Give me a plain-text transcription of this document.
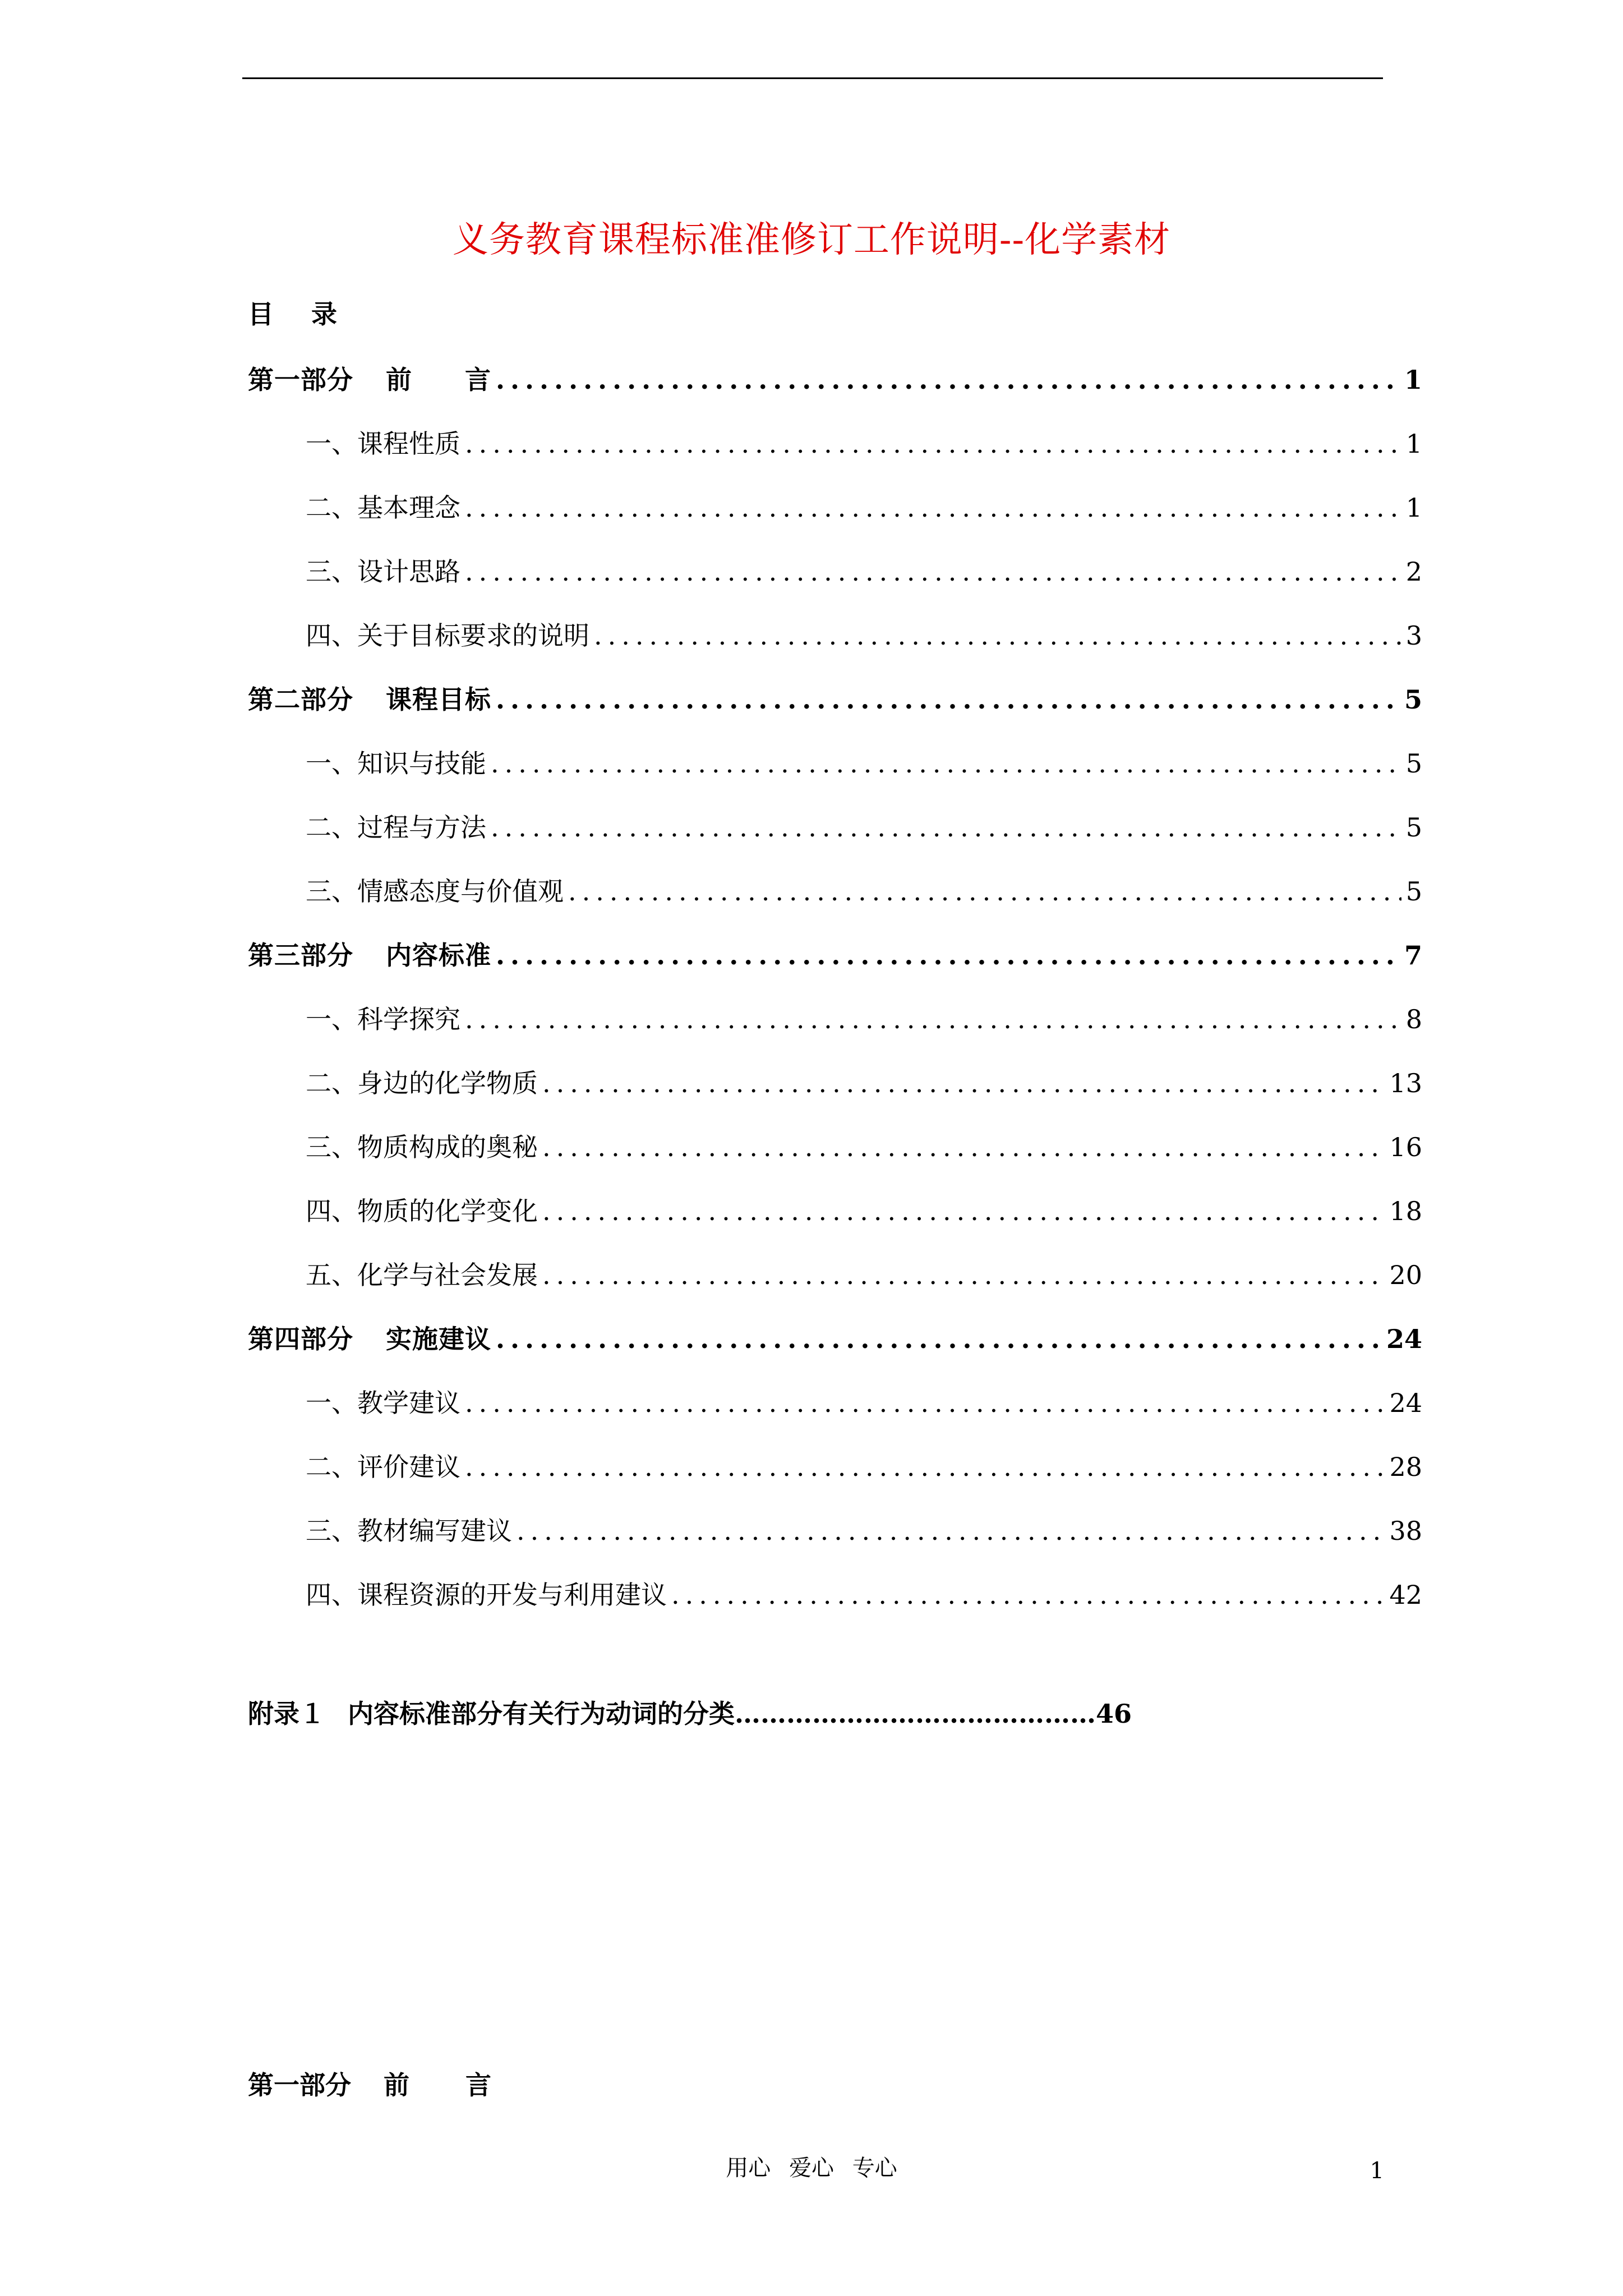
义务教育课程标准准修订工作说明--化学素材
目 录
第一部分 前　　言 .....	1
一、课程性质 .....	1
二、基本理念 .....	1
三、设计思路 .....	2
四、关于目标要求的说明 .....	3
第二部分 课程目标 .....	5
一、知识与技能 .....	5
二、过程与方法 .....	5
三、情感态度与价值观 .....	5
第三部分 内容标准 .....	7
一、科学探究 .....	8
二、身边的化学物质 .....	13
三、物质构成的奥秘 .....	16
四、物质的化学变化 .....	18
五、化学与社会发展 .....	20
第四部分 实施建议 .....	24
一、教学建议 .....	24
二、评价建议 .....	28
三、教材编写建议 .....	38
四、课程资源的开发与利用建议 .....	42
附录１ 内容标准部分有关行为动词的分类……………………………………46
第一部分 前 言
用心 爱心 专心	1
